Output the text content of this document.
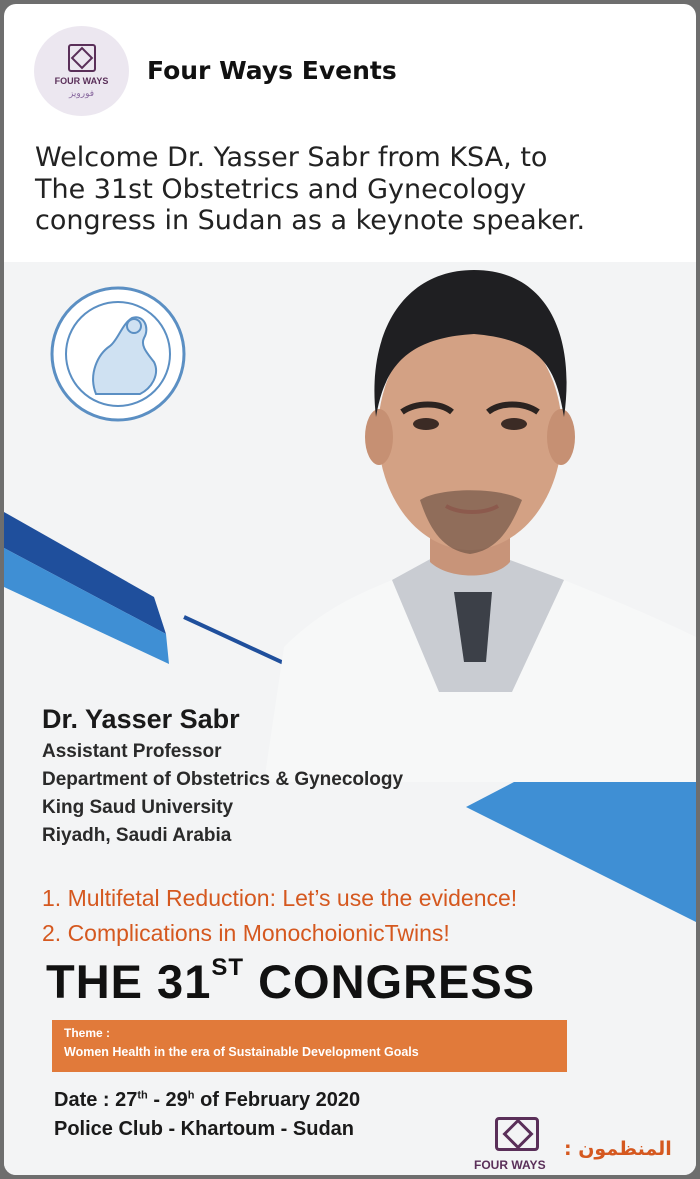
FOUR WAYS
فورويز
Four Ways Events
Welcome Dr. Yasser Sabr from KSA, to
The 31st Obstetrics and Gynecology
congress in Sudan as a keynote speaker.
Dr. Yasser Sabr
Assistant Professor
Department of Obstetrics & Gynecology
King Saud University
Riyadh, Saudi Arabia
1. Multifetal Reduction: Let’s use the evidence!
2. Complications in MonochoionicTwins!
THE 31ST CONGRESS
Theme :
Women Health in the era of Sustainable Development Goals
Date : 27th - 29$^h$ of February 2020
Police Club - Khartoum - Sudan
FOUR WAYS
المنظمون :
